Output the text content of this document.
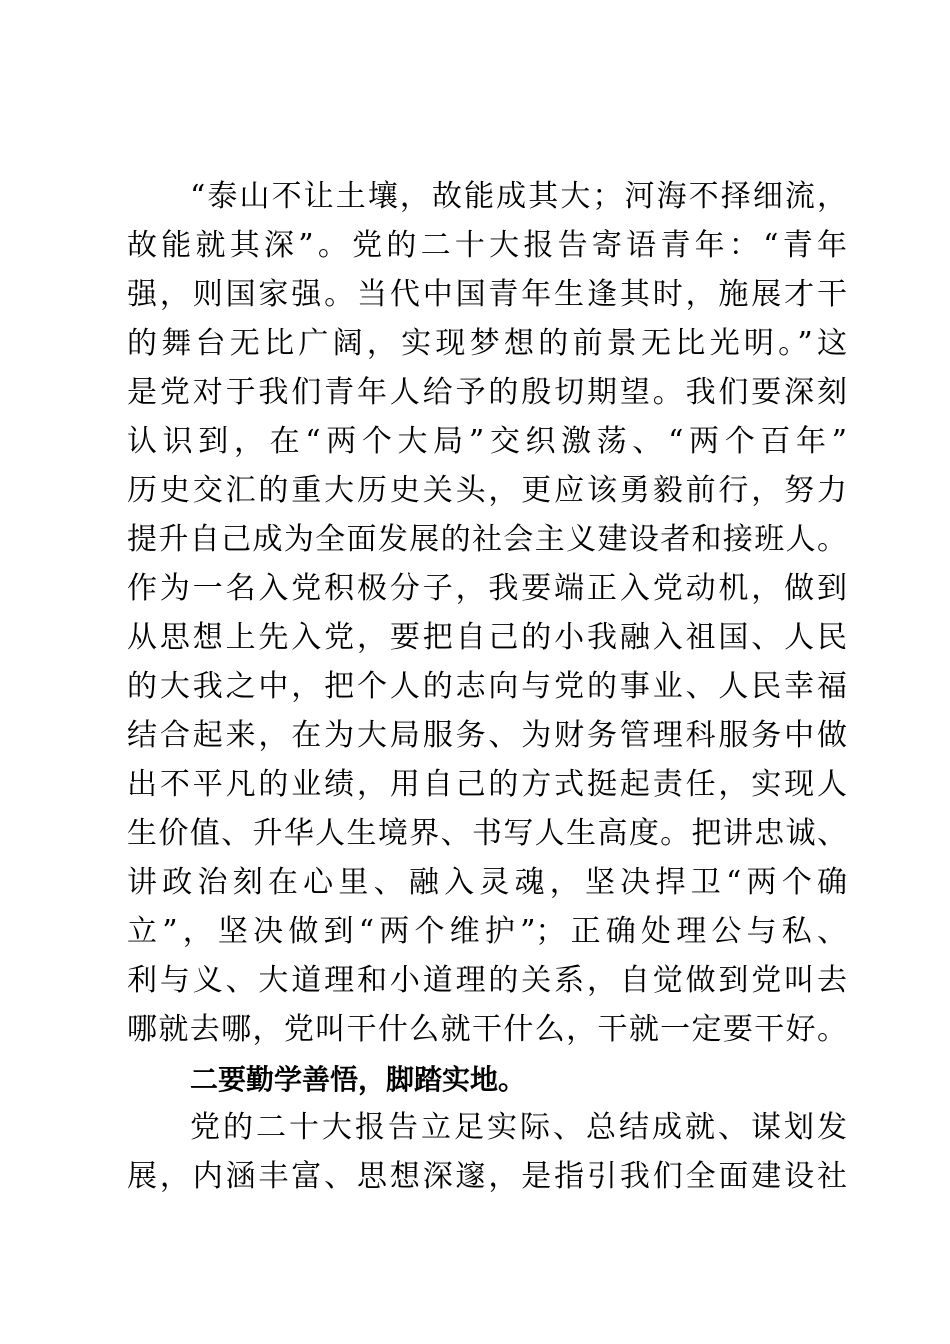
“泰山不让土壤，故能成其大；河海不择细流，
故能就其深”。党的二十大报告寄语青年：“青年
强，则国家强。当代中国青年生逢其时，施展才干
的舞台无比广阔，实现梦想的前景无比光明。”这
是党对于我们青年人给予的殷切期望。我们要深刻
认识到，在“两个大局”交织激荡、“两个百年”
历史交汇的重大历史关头，更应该勇毅前行，努力
提升自己成为全面发展的社会主义建设者和接班人。
作为一名入党积极分子，我要端正入党动机，做到
从思想上先入党，要把自己的小我融入祖国、人民
的大我之中，把个人的志向与党的事业、人民幸福
结合起来，在为大局服务、为财务管理科服务中做
出不平凡的业绩，用自己的方式挺起责任，实现人
生价值、升华人生境界、书写人生高度。把讲忠诚、
讲政治刻在心里、融入灵魂，坚决捍卫“两个确
立”，坚决做到“两个维护”；正确处理公与私、
利与义、大道理和小道理的关系，自觉做到党叫去
哪就去哪，党叫干什么就干什么，干就一定要干好。
二要勤学善悟，脚踏实地。
党的二十大报告立足实际、总结成就、谋划发
展，内涵丰富、思想深邃，是指引我们全面建设社
